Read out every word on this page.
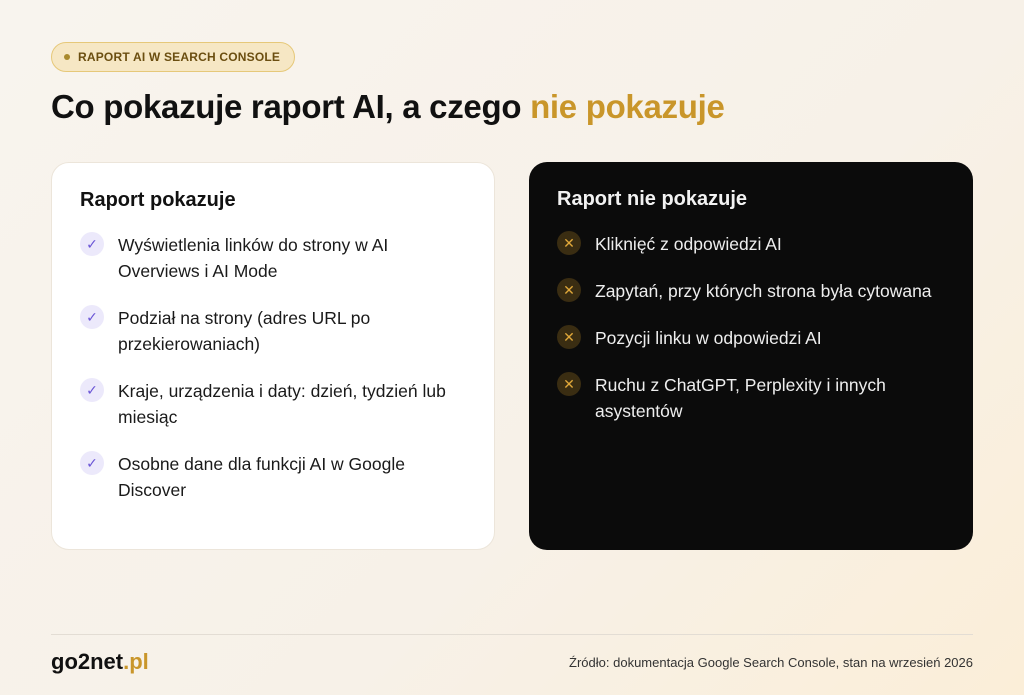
RAPORT AI W SEARCH CONSOLE
Co pokazuje raport AI, a czego nie pokazuje
Raport pokazuje
✓	Wyświetlenia linków do strony w AI Overviews i AI Mode
✓	Podział na strony (adres URL po przekierowaniach)
✓	Kraje, urządzenia i daty: dzień, tydzień lub miesiąc
✓	Osobne dane dla funkcji AI w Google Discover
Raport nie pokazuje
✕	Kliknięć z odpowiedzi AI
✕	Zapytań, przy których strona była cytowana
✕	Pozycji linku w odpowiedzi AI
✕	Ruchu z ChatGPT, Perplexity i innych asystentów
go2net.pl	Źródło: dokumentacja Google Search Console, stan na wrzesień 2026
